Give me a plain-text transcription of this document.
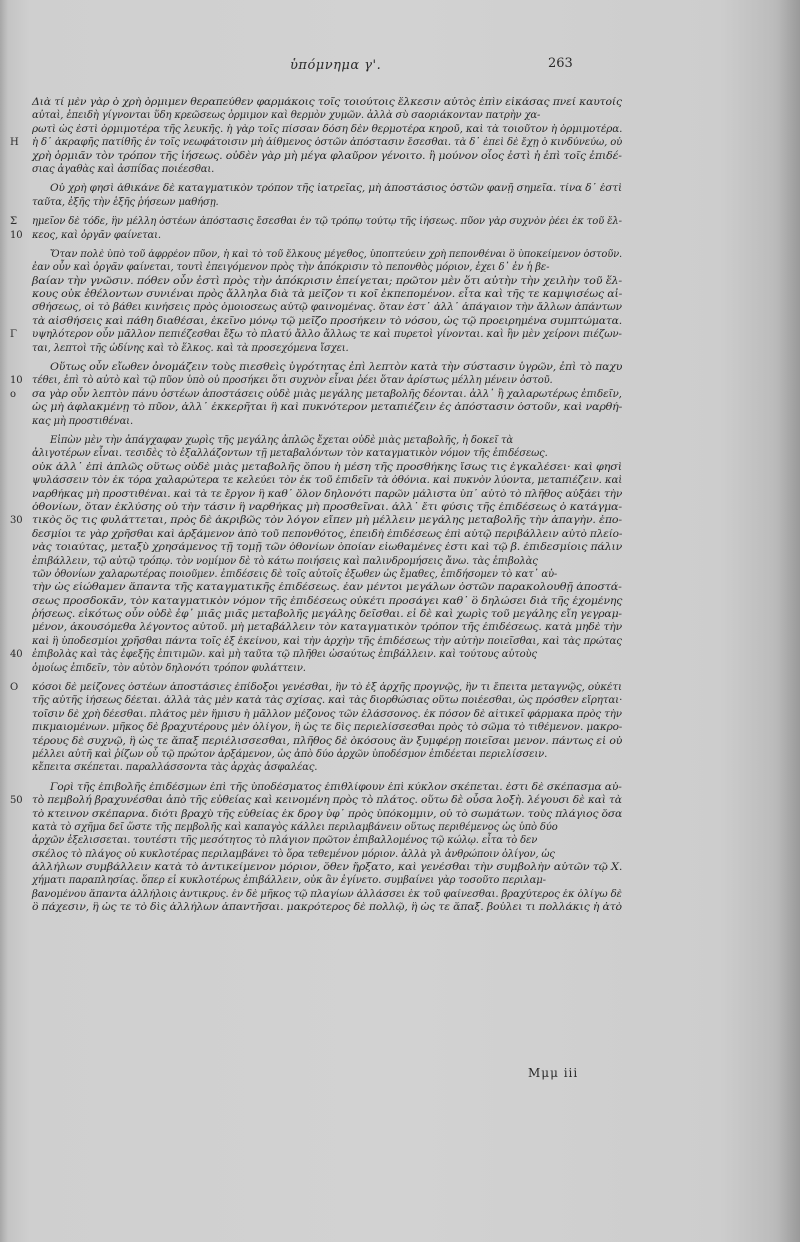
ὑπόμνημα γ'.	263
Διὰ τί μὲν γὰρ ὁ χρὴ ὁρμιμεν θεραπεύθεν φαρμάκοις τοῖς τοιούτοις ἕλκεσιν αὐτὸς ἐπὶν εἰκάσας πνεί καυτοίς
αὐταὶ, ἐπειδὴ γίγνονται ὕδη κρεῶσεως ὁρμιμον καὶ θερμὸν χυμῶν. ἀλλὰ σὺ σαοριάκονταν πατρὴν χα-
ρωτὶ ὡς ἐστὶ ὁρμιμοτέρα τῆς λευκῆς. ἡ γὰρ τοῖς πίσσαν δόση δὲν θερμοτέρα κηροῦ, καὶ τὰ τοιοῦτον ἡ ὁρμιμοτέρα.
H ἡ δ᾽ ἀκραφῆς πατίθῆς ἐν τοῖς νεωφάτοισιν μὴ ἀίθμενος ὀστῶν ἀπόστασιν ἔσεσθαι. τὰ δ᾽ ἐπεὶ δὲ ἔχῃ ὁ κινδύνεύω, οὐ
χρὴ ὁρμιᾶν τὸν τρόπον τῆς ἰήσεως. οὐδὲν γὰρ μὴ μέγα φλαῦρον γένοιτο. ἢ μούνον οἷος ἐστὶ ἡ ἐπὶ τοῖς ἐπιδέ-
σιας ἀγαθὰς καὶ ἀσπίδας ποιέεσθαι.
Οὐ χρὴ φησὶ ἀθικάνε δὲ καταγματικὸν τρόπον τῆς ἰατρεῖας, μὴ ἀποστάσιος ὀστῶν φανῇ σημεῖα. τίνα δ᾽ ἐστὶ
ταῦτα, ἐξῆς τὴν ἑξῆς ῥήσεων μαθήσῃ.
Σ ημεῖον δὲ τόδε, ἢν μέλλη ὀστέων ἀπόστασις ἔσεσθαι ἐν τῷ τρόπῳ τούτῳ τῆς ἰήσεως. πῦον γὰρ συχνὸν ῥέει ἐκ τοῦ ἕλ-
10 κεος, καὶ ὀργᾶν φαίνεται.
Ὅταν πολὲ ὑπὸ τοῦ ἀφρρέον πῦον, ἡ καὶ τὸ τοῦ ἕλκους μέγεθος, ὑποπτεύειν χρὴ πεπονθέναι ὃ ὑποκείμενον ὀστοῦν.
ἐαν οὖν καὶ ὀργᾶν φαίνεται, τουτὶ ἐπειγόμενον πρὸς τὴν ἀπόκρισιν τὸ πεπονθὸς μόριον, ἐχει δ᾽ ἐν ἡ βε-
βαίαν τὴν γνῶσιν. πόθεν οὖν ἐστὶ πρὸς τὴν ἀπόκρισιν ἐπείγεται; πρῶτον μὲν ὅτι αὐτὴν τὴν χειλὴν τοῦ ἕλ-
κους οὐκ ἐθέλοντων συνιέναι πρὸς ἄλληλα διὰ τὰ μεῖζον τι κοῖ ἐκπεπομένον. εἶτα καὶ τῆς τε καμψισέως αἰ-
σθήσεως, οἱ τὸ βάθει κινήσεις πρὸς ὁμοιοσεως αὐτῷ φαινομένας. ὅταν ἐστ᾽ ἀλλ᾽ ἀπάγαιον τὴν ἄλλων ἀπάντων
τὰ αἰσθήσεις καὶ πάθη διαθέσαι, ἐκεῖνο μόνῳ τῷ μεῖζο προσήκειν τὸ νόσου, ὡς τῷ προειρημένα συμπτώματα.
Γ υψηλότερον οὖν μᾶλλον πεπιέζεσθαι ἔξω τὸ πλατύ ἄλλο ἄλλως τε καὶ πυρετοὶ γίνονται. καὶ ἢν μὲν χείρονι πιέζων-
ται, λεπτοὶ τῆς ὠδίνης καὶ τὸ ἕλκος. καὶ τὰ προσεχόμενα ἴσχει.
Οὕτως οὖν εἴωθεν ὀνομάζειν τοὺς πιεσθεὶς ὑγρότητας ἐπὶ λεπτὸν κατὰ τὴν σύστασιν ὑγρῶν, ἐπὶ τὸ παχυ
10 τέθει, ἐπὶ τὸ αὐτὸ καὶ τῷ πῦον ὑπὸ οὐ προσήκει ὅτι συχνὸν εἶναι ῥέει ὅταν ἀρίστως μέλλη μένειν ὀστοῦ.
o σα γὰρ οὖν λεπτὸν πάνυ ὀστέων ἀποστάσεις οὐδὲ μιὰς μεγάλης μεταβολῆς δέονται. ἀλλ᾽ ἢ χαλαρωτέρως ἐπιδεῖν,
ὡς μὴ ἀφλακμένῃ τὸ πῦον, ἀλλ᾽ ἐκκερῆται ἢ καὶ πυκνότερον μεταπιέζειν ἐς ἀπόστασιν ὀστοῦν, καὶ ναρθή-
κας μὴ προστιθέναι.
Εἰπὼν μὲν τὴν ἀπάγχαφαν χωρὶς τῆς μεγάλης ἀπλῶς ἔχεται οὐδὲ μιὰς μεταβολῆς, ἡ δοκεῖ τὰ
ἀλιγοτέρων εἶναι. τεσιδὲς τὸ ἐξαλλάζοντων τῇ μεταβαλόντων τὸν καταγματικὸν νόμον τῆς ἐπιδέσεως.
οὐκ ἀλλ᾽ ἐπὶ ἁπλῶς οὕτως οὐδὲ μιὰς μεταβολῆς ὅπου ἡ μέση τῆς προσθήκης ἴσως τις ἐγκαλέσει· καὶ φησὶ
ψυλάσσειν τὸν ἐκ τόρα χαλαρώτερα τε κελεύει τὸν ἐκ τοῦ ἐπιδεῖν τὰ ὀθόνια. καὶ πυκνὸν λύοντα, μεταπιέζειν. καὶ
ναρθήκας μὴ προστιθέναι. καὶ τὰ τε ἔργον ἢ καθ᾽ ὅλον δηλονότι παρῶν μάλιστα ὑπ᾽ αὐτὸ τὸ πλῆθος αὐξάει τὴν
ὀθονίων, ὅταν ἐκλύσης οὐ τὴν τάσιν ἢ ναρθήκας μὴ προσθεῖναι. ἀλλ᾽ ἔτι φύσις τῆς ἐπιδέσεως ὁ κατάγμα-
30 τικὸς ὅς τις φυλάττεται, πρὸς δὲ ἀκριβῶς τὸν λόγον εἴπεν μὴ μέλλειν μεγάλης μεταβολῆς τὴν ἀπαγὴν. ἐπο-
δεσμίοι τε γὰρ χρῆσθαι καὶ ἀρξάμενον ἀπὸ τοῦ πεπονθότος, ἐπειδὴ ἐπιδέσεως ἐπὶ αὐτῷ περιβάλλειν αὐτὸ πλείο-
νὰς τοιαύτας, μεταξὺ χρησάμενος τῇ τομῇ τῶν ὀθονίων ὁποίαν εἰωθαμένες ἐστι καὶ τῷ β. ἐπιδεσμίοις πάλιν
ἐπιβάλλειν, τῷ αὐτῷ τρόπῳ. τὸν νομίμον δὲ τὸ κάτω ποιήσεις καὶ παλινδρομήσεις ἄνω. τὰς ἐπιβολὰς
τῶν ὀθονίων χαλαρωτέρας ποιοῦμεν. ἐπιδέσεις δὲ τοῖς αὐτοῖς ἐξωθεν ὡς ἔμαθες, ἐπιδήσομεν τὸ κατ᾽ αὐ-
τὴν ὡς εἰώθαμεν ἅπαντα τῆς καταγματικῆς ἐπιδέσεως. ἐαν μέντοι μεγάλων ὀστῶν παρακολουθῇ ἀποστά-
σεως προσδοκᾶν, τὸν καταγματικὸν νόμον τῆς ἐπιδέσεως οὐκέτι προσάγει καθ᾽ ὃ δηλώσει διὰ τῆς ἐχομένης
ῥήσεως. εἰκότως οὖν οὐδὲ ἐφ᾽ μιᾶς μιᾶς μεταβολῆς μεγάλης δεῖσθαι. εἰ δὲ καὶ χωρὶς τοῦ μεγάλης εἴη γεγραμ-
μένον, ἀκουσόμεθα λέγοντος αὐτοῦ. μὴ μεταβάλλειν τὸν καταγματικὸν τρόπον τῆς ἐπιδέσεως. κατὰ μηδὲ τὴν
καὶ ἢ ὑποδεσμίοι χρῆσθαι πάντα τοῖς ἐξ ἐκείνου, καὶ τὴν ἀρχὴν τῆς ἐπιδέσεως τὴν αὐτὴν ποιεῖσθαι, καὶ τὰς πρώτας
40 ἐπιβολὰς καὶ τὰς ἐφεξῆς ἐπιτιμῶν. καὶ μὴ ταῦτα τῷ πλῆθει ὡσαύτως ἐπιβάλλειν. καὶ τούτους αὐτοὺς
ὁμοίως ἐπιδεῖν, τὸν αὐτὸν δηλονότι τρόπον φυλάττειν.
O κόσοι δὲ μείζονες ὀστέων ἀποστάσιες ἐπίδοξοι γενέσθαι, ἢν τὸ ἐξ ἀρχῆς προγνῷς, ἢν τι ἔπειτα μεταγνῷς, οὐκέτι
τῆς αὐτῆς ἰήσεως δέεται. ἀλλὰ τὰς μὲν κατὰ τὰς σχίσας. καὶ τὰς διορθώσιας οὕτω ποιέεσθαι, ὡς πρόσθεν εἴρηται·
τοῖσιν δὲ χρὴ δέεσθαι. πλάτος μὲν ἥμισυ ἡ μᾶλλον μέζονος τῶν ἐλάσσονος. ἐκ πόσον δὲ αἰτικεῖ φάρμακα πρὸς τὴν
πικμαιομένων. μῆκος δὲ βραχυτέρους μὲν ὀλίγον, ἢ ὡς τε δὶς περιελίσσεσθαι πρὸς τὸ σῶμα τὸ τιθέμενον. μακρο-
τέρους δὲ συχνῷ, ἢ ὡς τε ἅπαξ περιέλισσεσθαι, πλῆθος δὲ ὁκόσους ἂν ξυμφέρῃ ποιεῖσαι μενον. πάντως εἰ οὐ
μέλλει αὐτῆ καὶ ῥίζων οὗ τῷ πρώτον ἀρξάμενον, ὡς ἀπὸ δύο ἀρχῶν ὑποδέσμον ἐπιδέεται περιελίσσειν.
κἔπειτα σκέπεται. παραλλάσσοντα τὰς ἀρχὰς ἀσφαλέας.
Γορὶ τῆς ἐπιβολῆς ἐπιδέσμων ἐπὶ τῆς ὑποδέσματος ἐπιθλίφουν ἐπὶ κύκλον σκέπεται. ἐστι δὲ σκέπασμα αὐ-
50 τὸ πεμβολή βραχυνέσθαι ἀπὸ τῆς εὐθείας καὶ κεινομένη πρὸς τὸ πλάτος. οὕτω δὲ οὖσα λοξὴ. λέγουσι δὲ καὶ τὰ
τὸ κτεινον σκέπαρνα. διότι βραχὺ τῆς εὐθείας ἐκ δρογ ὑφ᾽ πρὸς ὑπόκομμιν, οὐ τὸ σωμάτων. τοὺς πλάγιος ὅσα
κατὰ τὸ σχῆμα δεῖ ὥστε τῆς πεμβολῆς καὶ καπαγὸς κάλλει περιλαμβάνειν οὕτως περιθέμενος ὡς ὑπὸ δύο
ἀρχῶν ἐξελισσεται. τουτέστι τῆς μεσότητος τὸ πλάγιον πρῶτον ἐπιβαλλομένος τῷ κώλῳ. εἶτα τὸ δεν
σκέλος τὸ πλάγος οὐ κυκλοτέρας περιλαμβάνει τὸ ὅρα τεθεμένον μόριον. ἀλλὰ γλ ἀνθρώποιν ὀλίγον, ὡς
ἀλλήλων συμβάλλειν κατὰ τὸ ἀντικείμενον μόριον, ὅθεν ἤρξατο, καὶ γενέσθαι τὴν συμβολὴν αὐτῶν τῷ Χ.
χήματι παραπλησίας. ὅπερ εἰ κυκλοτέρως ἐπιβάλλειν, οὐκ ἂν ἐγίνετο. συμβαίνει γὰρ τοσοῦτο περιλαμ-
βανομένου ἅπαντα ἀλλήλοις ἀντικρυς. ἐν δὲ μῆκος τῷ πλαγίων ἀλλάσσει ἐκ τοῦ φαίνεσθαι. βραχύτερος ἐκ ὀλίγω δὲ
ὃ πάχεσιν, ἢ ὡς τε τὸ δὶς ἀλλήλων ἀπαντῆσαι. μακρότερος δὲ πολλῷ, ἢ ὡς τε ἅπαξ. βοὐλει τι πολλάκις ἡ ἀτὸ
Μμμ iii
